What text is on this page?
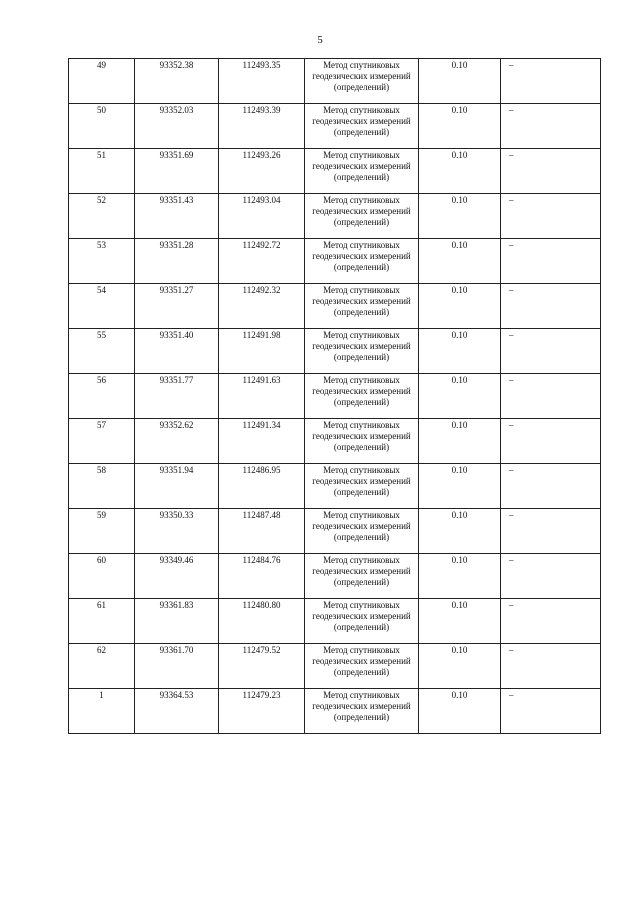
5
49	93352.38	112493.35	Метод спутниковых геодезических измерений (определений)	0.10	–
50	93352.03	112493.39	Метод спутниковых геодезических измерений (определений)	0.10	–
51	93351.69	112493.26	Метод спутниковых геодезических измерений (определений)	0.10	–
52	93351.43	112493.04	Метод спутниковых геодезических измерений (определений)	0.10	–
53	93351.28	112492.72	Метод спутниковых геодезических измерений (определений)	0.10	–
54	93351.27	112492.32	Метод спутниковых геодезических измерений (определений)	0.10	–
55	93351.40	112491.98	Метод спутниковых геодезических измерений (определений)	0.10	–
56	93351.77	112491.63	Метод спутниковых геодезических измерений (определений)	0.10	–
57	93352.62	112491.34	Метод спутниковых геодезических измерений (определений)	0.10	–
58	93351.94	112486.95	Метод спутниковых геодезических измерений (определений)	0.10	–
59	93350.33	112487.48	Метод спутниковых геодезических измерений (определений)	0.10	–
60	93349.46	112484.76	Метод спутниковых геодезических измерений (определений)	0.10	–
61	93361.83	112480.80	Метод спутниковых геодезических измерений (определений)	0.10	–
62	93361.70	112479.52	Метод спутниковых геодезических измерений (определений)	0.10	–
1	93364.53	112479.23	Метод спутниковых геодезических измерений (определений)	0.10	–
